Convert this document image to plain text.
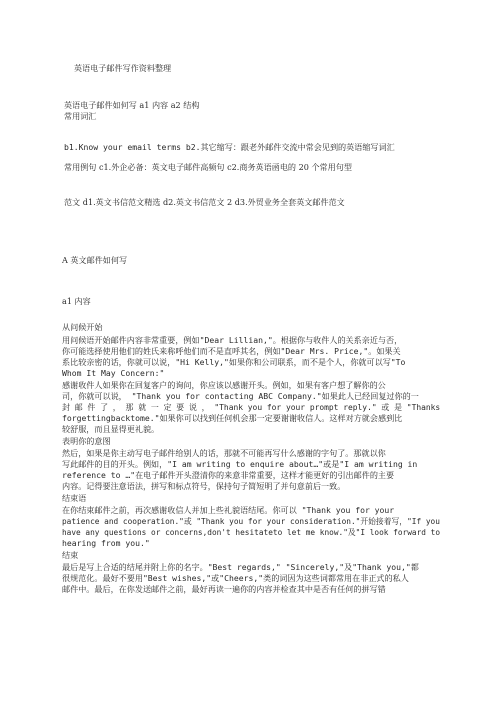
英语电子邮件写作资料整理
英语电子邮件如何写 a1 内容 a2 结构
常用词汇
b1.Know your email terms b2.其它缩写：跟老外邮件交流中常会见到的英语缩写词汇
常用例句 c1.外企必备：英文电子邮件高频句 c2.商务英语函电的 20 个常用句型
范文 d1.英文书信范文精选 d2.英文书信范文 2 d3.外贸业务全套英文邮件范文
A 英文邮件如何写
a1 内容
从问候开始
用问候语开始邮件内容非常重要，例如"Dear Lillian,"。根据你与收件人的关系亲近与否，
你可能选择使用他们的姓氏来称呼他们而不是直呼其名，例如"Dear Mrs. Price,"。如果关
系比较亲密的话，你就可以说，"Hi Kelly,"如果你和公司联系，而不是个人，你就可以写"To
Whom It May Concern:"
感谢收件人如果你在回复客户的询问，你应该以感谢开头。例如，如果有客户想了解你的公
司，你就可以说， "Thank you for contacting ABC Company."如果此人已经回复过你的一
封 邮 件 了 ， 那 就 一 定 要 说 ， "Thank you for your prompt reply." 或 是 "Thanks
forgettingbacktome."如果你可以找到任何机会那一定要谢谢收信人。这样对方就会感到比
较舒服，而且显得更礼貌。
表明你的意图
然后，如果是你主动写电子邮件给别人的话，那就不可能再写什么感谢的字句了。那就以你
写此邮件的目的开头。例如，"I am writing to enquire about…"或是"I am writing in
reference to …"在电子邮件开头澄清你的来意非常重要，这样才能更好的引出邮件的主要
内容。记得要注意语法，拼写和标点符号，保持句子简短明了并句意前后一致。
结束语
在你结束邮件之前，再次感谢收信人并加上些礼貌语结尾。你可以 "Thank you for your
patience and cooperation."或 "Thank you for your consideration."开始接着写，"If you
have any questions or concerns,don't hesitateto let me know."及"I look forward to
hearing from you."
结束
最后是写上合适的结尾并附上你的名字。"Best regards," "Sincerely,"及"Thank you,"都
很规范化。最好不要用"Best wishes,"或"Cheers,"类的词因为这些词都常用在非正式的私人
邮件中。最后，在你发送邮件之前，最好再读一遍你的内容并检查其中是否有任何的拼写错
